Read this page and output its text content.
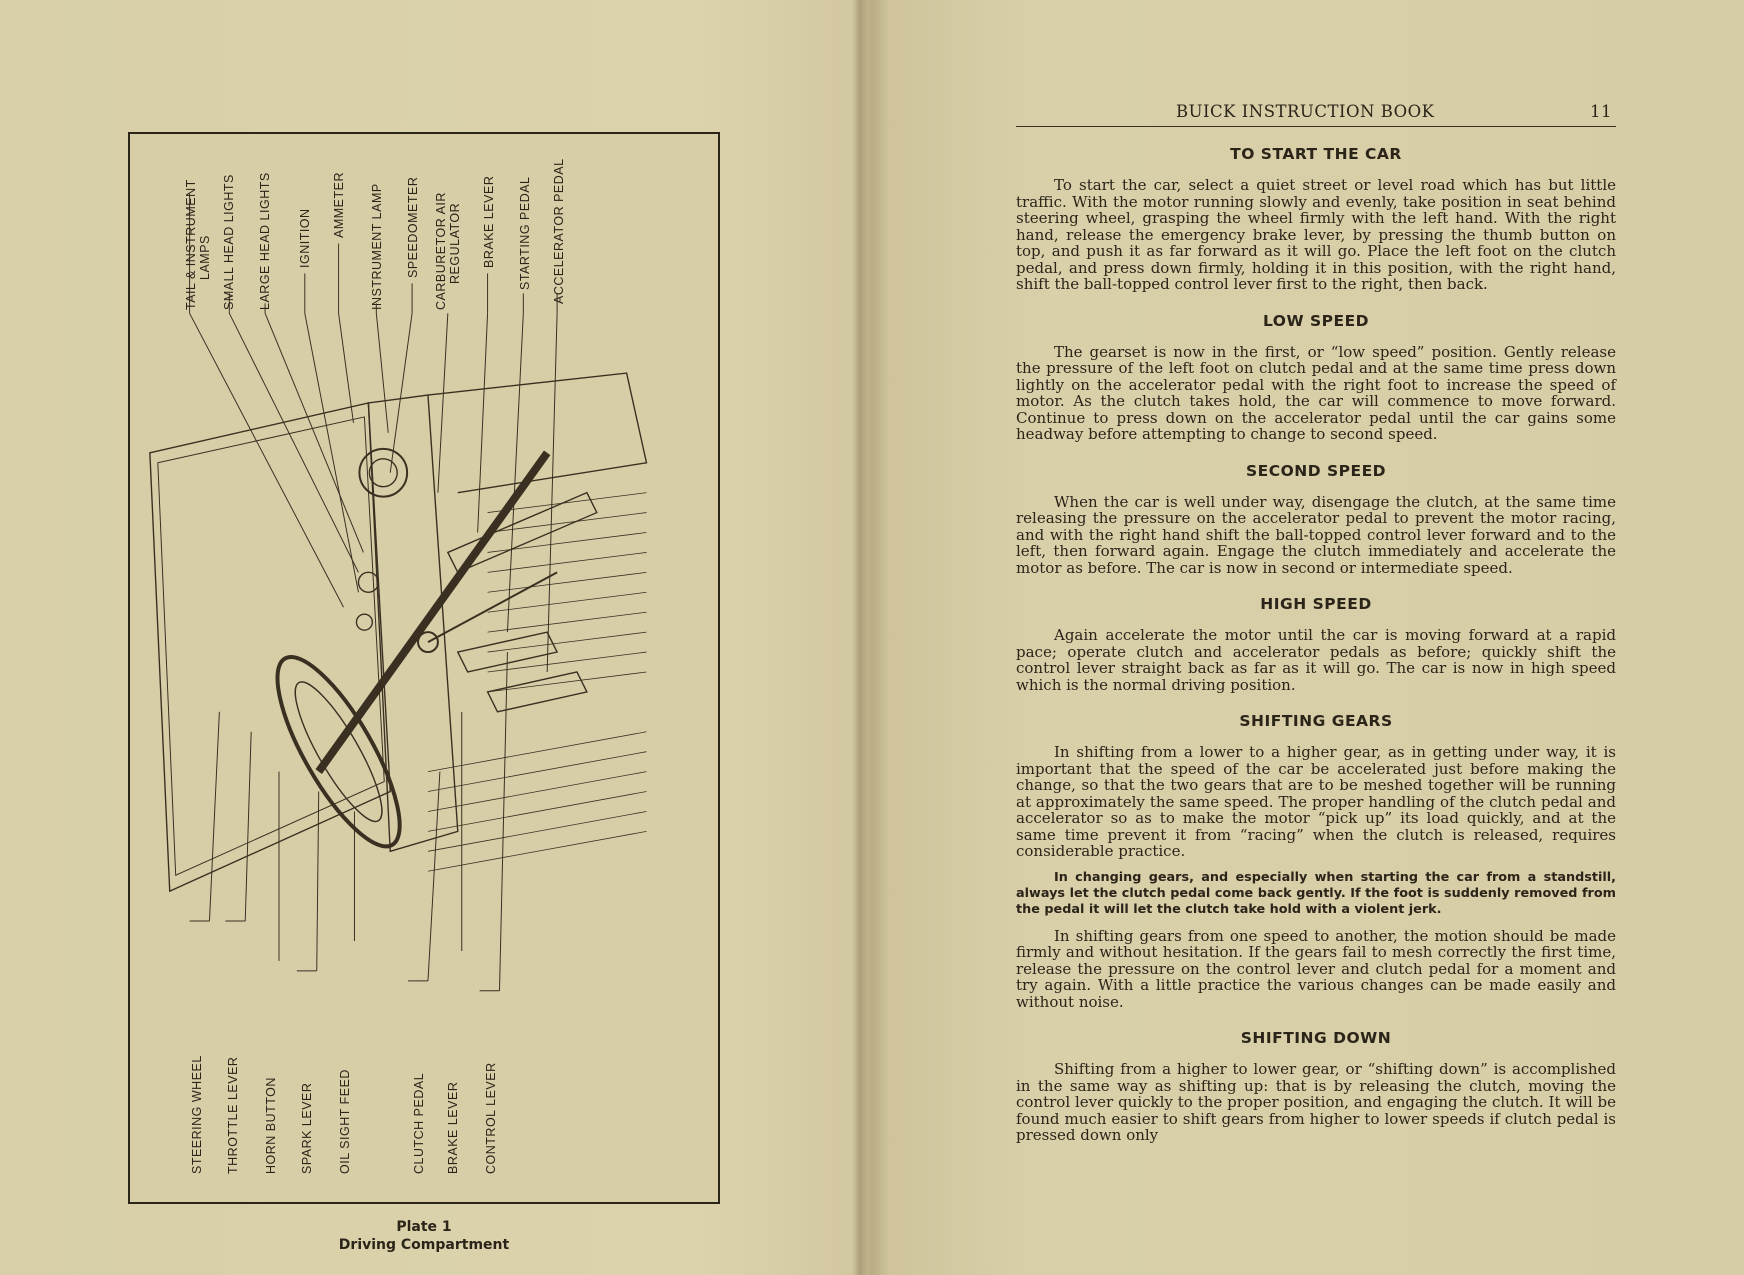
TAIL & INSTRUMENT LAMPS SMALL HEAD LIGHTS LARGE HEAD LIGHTS IGNITION
AMMETER INSTRUMENT LAMP SPEEDOMETER CARBURETOR AIR REGULATOR BRAKE LEVER STARTING PEDAL ACCELERATOR PEDAL
STEERING WHEEL THROTTLE LEVER HORN BUTTON SPARK LEVER OIL SIGHT FEED	CLUTCH PEDAL BRAKE LEVER CONTROL LEVER
Plate 1
Driving Compartment
BUICK INSTRUCTION BOOK	11
TO START THE CAR

To start the car, select a quiet street or level road which has but little traffic. With the motor running slowly and evenly, take position in seat behind steering wheel, grasping the wheel firmly with the left hand. With the right hand, release the emergency brake lever, by pressing the thumb button on top, and push it as far forward as it will go. Place the left foot on the clutch pedal, and press down firmly, holding it in this position, with the right hand, shift the ball-topped control lever first to the right, then back.

LOW SPEED

The gearset is now in the first, or “low speed” position. Gently release the pressure of the left foot on clutch pedal and at the same time press down lightly on the accelerator pedal with the right foot to increase the speed of motor. As the clutch takes hold, the car will commence to move forward. Continue to press down on the accelerator pedal until the car gains some headway before attempting to change to second speed.

SECOND SPEED

When the car is well under way, disengage the clutch, at the same time releasing the pressure on the accelerator pedal to prevent the motor racing, and with the right hand shift the ball-topped control lever forward and to the left, then forward again. Engage the clutch immediately and accelerate the motor as before. The car is now in second or intermediate speed.

HIGH SPEED

Again accelerate the motor until the car is moving forward at a rapid pace; operate clutch and accelerator pedals as before; quickly shift the control lever straight back as far as it will go. The car is now in high speed which is the normal driving position.

SHIFTING GEARS

In shifting from a lower to a higher gear, as in getting under way, it is important that the speed of the car be accelerated just before making the change, so that the two gears that are to be meshed together will be running at approximately the same speed. The proper handling of the clutch pedal and accelerator so as to make the motor “pick up” its load quickly, and at the same time prevent it from “racing” when the clutch is released, requires considerable practice.

In changing gears, and especially when starting the car from a standstill, always let the clutch pedal come back gently. If the foot is suddenly removed from the pedal it will let the clutch take hold with a violent jerk.

In shifting gears from one speed to another, the motion should be made firmly and without hesitation. If the gears fail to mesh correctly the first time, release the pressure on the control lever and clutch pedal for a moment and try again. With a little practice the various changes can be made easily and without noise.

SHIFTING DOWN

Shifting from a higher to lower gear, or “shifting down” is accomplished in the same way as shifting up: that is by releasing the clutch, moving the control lever quickly to the proper position, and engaging the clutch. It will be found much easier to shift gears from higher to lower speeds if clutch pedal is pressed down only
